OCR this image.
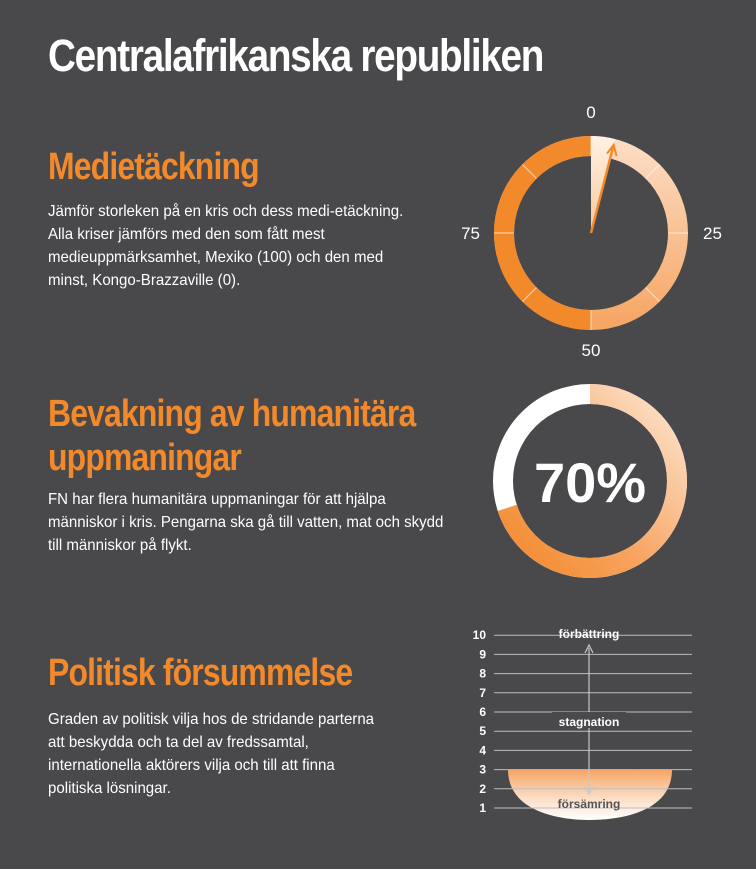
Centralafrikanska republiken
Medietäckning
Jämför storleken på en kris och dess medi-etäckning. Alla kriser jämförs med den som fått mest medieuppmärksamhet, Mexiko (100) och den med minst, Kongo-Brazzaville (0).
Bevakning av humanitära
uppmaningar
FN har flera humanitära uppmaningar för att hjälpa människor i kris. Pengarna ska gå till vatten, mat och skydd till människor på flykt.
Politisk försummelse
Graden av politisk vilja hos de stridande parterna att beskydda och ta del av fredssamtal, internationella aktörers vilja och till att finna politiska lösningar.
0
25
50
75
70%
1
2
3
4
5
6
7
8
9
10	förbättring
stagnation
försämring
